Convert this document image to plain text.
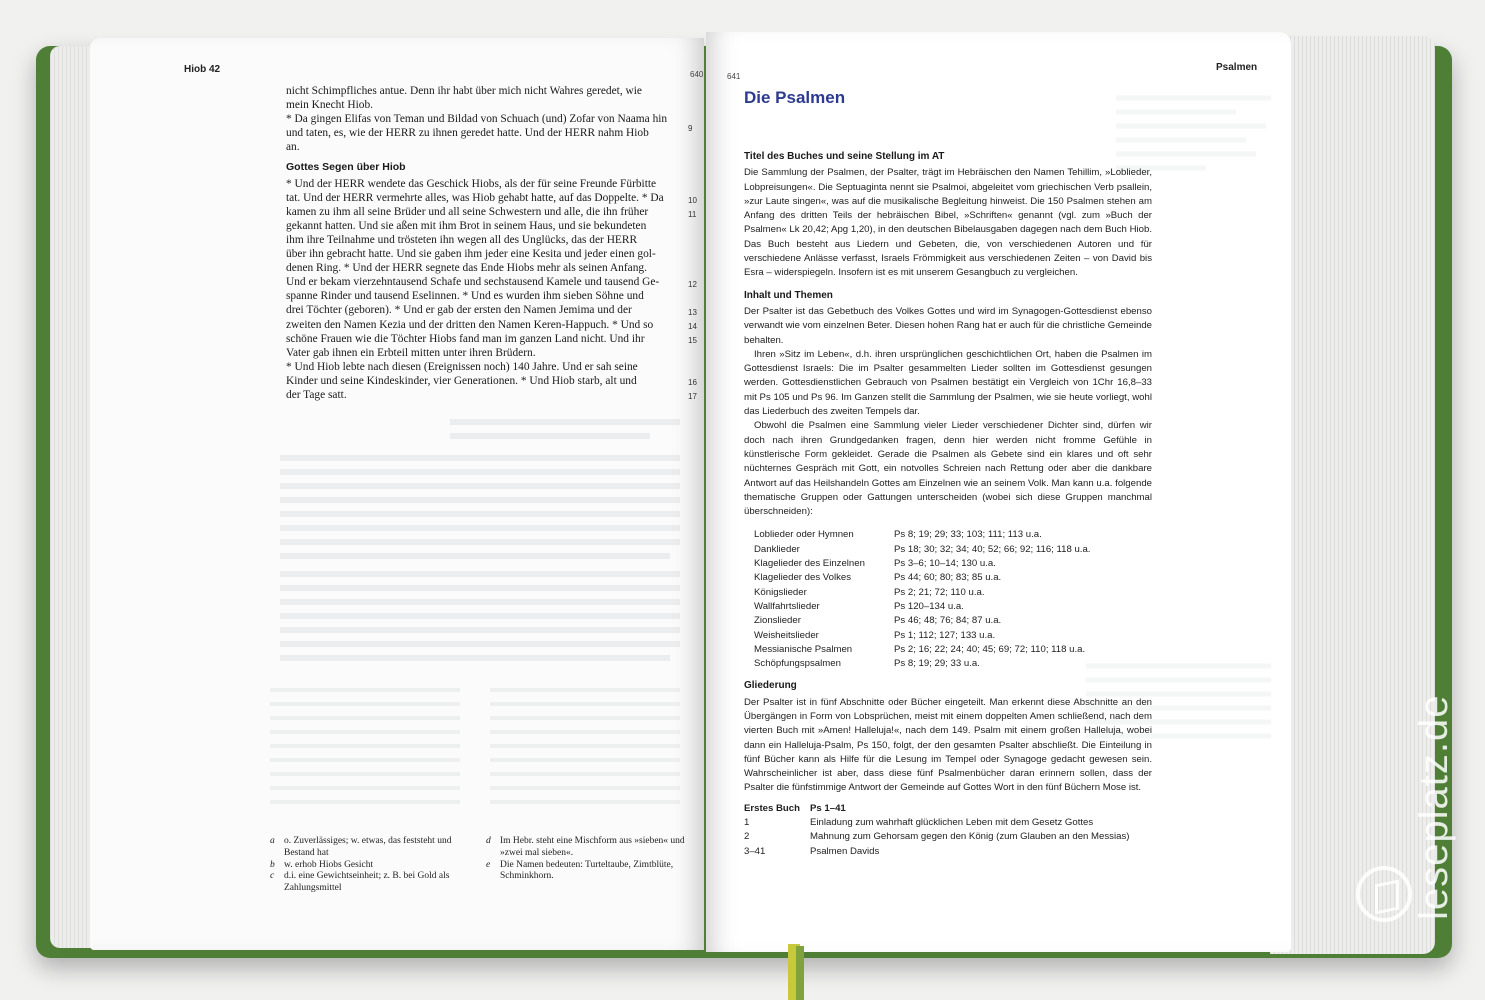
Hiob 42	640

nicht Schimpfliches antue. Denn ihr habt über mich nicht Wahres geredet, wie

mein Knecht Hiob.

* Da gingen Elifas von Teman und Bildad von Schuach (und) Zofar von Naama hin

und taten, es, wie der HERR zu ihnen geredet hatte. Und der HERR nahm Hiob

an.

Gottes Segen über Hiob

* Und der HERR wendete das Geschick Hiobs, als der für seine Freunde Fürbitte

tat. Und der HERR vermehrte alles, was Hiob gehabt hatte, auf das Doppelte. * Da

kamen zu ihm all seine Brüder und all seine Schwestern und alle, die ihn früher

gekannt hatten. Und sie aßen mit ihm Brot in seinem Haus, und sie bekundeten

ihm ihre Teilnahme und trösteten ihn wegen all des Unglücks, das der HERR

über ihn gebracht hatte. Und sie gaben ihm jeder eine Kesita und jeder einen gol-

denen Ring. * Und der HERR segnete das Ende Hiobs mehr als seinen Anfang.

Und er bekam vierzehntausend Schafe und sechstausend Kamele und tausend Ge-

spanne Rinder und tausend Eselinnen. * Und es wurden ihm sieben Söhne und

drei Töchter (geboren). * Und er gab der ersten den Namen Jemima und der

zweiten den Namen Kezia und der dritten den Namen Keren-Happuch. * Und so

schöne Frauen wie die Töchter Hiobs fand man im ganzen Land nicht. Und ihr

Vater gab ihnen ein Erbteil mitten unter ihren Brüdern.

* Und Hiob lebte nach diesen (Ereignissen noch) 140 Jahre. Und er sah seine

Kinder und seine Kindeskinder, vier Generationen. * Und Hiob starb, alt und

der Tage satt.

9
10
11
12
13
14
15
16
17
a o. Zuverlässiges; w. etwas, das feststeht und Bestand hat
b w. erhob Hiobs Gesicht
c	d.i. eine Gewichtseinheit; z. B. bei Gold als Zahlungsmittel
d Im Hebr. steht eine Mischform aus »sieben« und »zwei mal sieben«.
e	Die Namen bedeuten: Turteltaube, Zimtblüte, Schminkhorn.
641
Psalmen
Die Psalmen

Titel des Buches und seine Stellung im AT

Die Sammlung der Psalmen, der Psalter, trägt im Hebräischen den Namen Tehillim, »Loblieder, Lobpreisungen«. Die Septuaginta nennt sie Psalmoi, abgeleitet vom griechischen Verb psallein, »zur Laute singen«, was auf die musikalische Begleitung hinweist. Die 150 Psalmen stehen am Anfang des dritten Teils der hebräischen Bibel, »Schriften« genannt (vgl. zum »Buch der Psalmen« Lk 20,42; Apg 1,20), in den deutschen Bibelausgaben dagegen nach dem Buch Hiob. Das Buch besteht aus Liedern und Gebeten, die, von verschiedenen Autoren und für verschiedene Anlässe verfasst, Israels Frömmigkeit aus verschiedenen Zeiten – von David bis Esra – widerspiegeln. Insofern ist es mit unserem Gesangbuch zu vergleichen.

Inhalt und Themen

Der Psalter ist das Gebetbuch des Volkes Gottes und wird im Synagogen-Gottesdienst ebenso verwandt wie vom einzelnen Beter. Diesen hohen Rang hat er auch für die christliche Gemeinde behalten.

Ihren »Sitz im Leben«, d.h. ihren ursprünglichen geschichtlichen Ort, haben die Psalmen im Gottesdienst Israels: Die im Psalter gesammelten Lieder sollten im Gottesdienst gesungen werden. Gottesdienstlichen Gebrauch von Psalmen bestätigt ein Vergleich von 1Chr 16,8–33 mit Ps 105 und Ps 96. Im Ganzen stellt die Sammlung der Psalmen, wie sie heute vorliegt, wohl das Liederbuch des zweiten Tempels dar.

Obwohl die Psalmen eine Sammlung vieler Lieder verschiedener Dichter sind, dürfen wir doch nach ihren Grundgedanken fragen, denn hier werden nicht fromme Gefühle in künstlerische Form gekleidet. Gerade die Psalmen als Gebete sind ein klares und oft sehr nüchternes Gespräch mit Gott, ein notvolles Schreien nach Rettung oder aber die dankbare Antwort auf das Heilshandeln Gottes am Einzelnen wie an seinem Volk. Man kann u.a. folgende thematische Gruppen oder Gattungen unterscheiden (wobei sich diese Gruppen manchmal überschneiden):

Loblieder oder Hymnen	Ps 8; 19; 29; 33; 103; 111; 113 u.a.
Danklieder	Ps 18; 30; 32; 34; 40; 52; 66; 92; 116; 118 u.a.
Klagelieder des Einzelnen	Ps 3–6; 10–14; 130 u.a.
Klagelieder des Volkes	Ps 44; 60; 80; 83; 85 u.a.
Königslieder	Ps 2; 21; 72; 110 u.a.
Wallfahrtslieder	Ps 120–134 u.a.
Zionslieder	Ps 46; 48; 76; 84; 87 u.a.
Weisheitslieder	Ps 1; 112; 127; 133 u.a.
Messianische Psalmen	Ps 2; 16; 22; 24; 40; 45; 69; 72; 110; 118 u.a.
Schöpfungspsalmen	Ps 8; 19; 29; 33 u.a.

Gliederung

Der Psalter ist in fünf Abschnitte oder Bücher eingeteilt. Man erkennt diese Abschnitte an den Übergängen in Form von Lobsprüchen, meist mit einem doppelten Amen schließend, nach dem vierten Buch mit »Amen! Halleluja!«, nach dem 149. Psalm mit einem großen Halleluja, wobei dann ein Halleluja-Psalm, Ps 150, folgt, der den gesamten Psalter abschließt. Die Einteilung in fünf Bücher kann als Hilfe für die Lesung im Tempel oder Synagoge gedacht gewesen sein. Wahrscheinlicher ist aber, dass diese fünf Psalmenbücher daran erinnern sollen, dass der Psalter die fünfstimmige Antwort der Gemeinde auf Gottes Wort in den fünf Büchern Mose ist.

Erstes Buch	Ps 1–41
1	Einladung zum wahrhaft glücklichen Leben mit dem Gesetz Gottes
2	Mahnung zum Gehorsam gegen den König (zum Glauben an den Messias)
3–41	Psalmen Davids	leseplatz.de
